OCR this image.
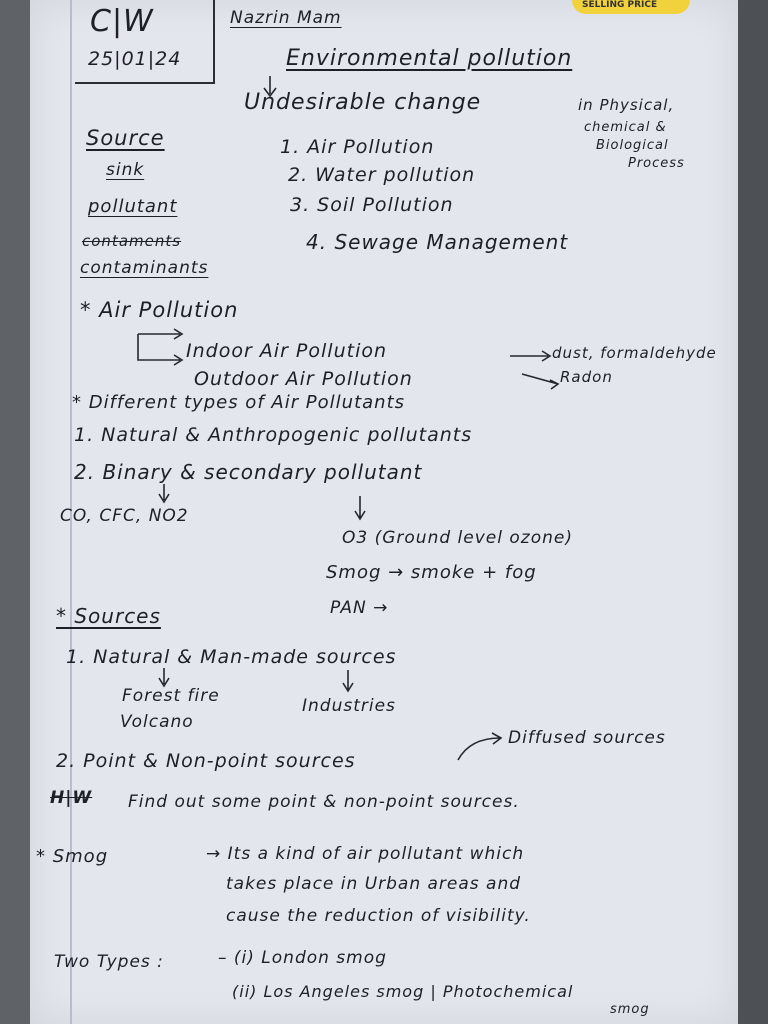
SELLING PRICE
C|W
25|01|24
Nazrin Mam
Environmental pollution
Undesirable change	in Physical,
chemical &
Biological
Process
Source
sink
pollutant
contaments
contaminants
1. Air Pollution
2. Water pollution
3. Soil Pollution
4. Sewage Management
* Air Pollution
Indoor Air Pollution	dust, formaldehyde
Outdoor Air Pollution	Radon
* Different types of Air Pollutants
1. Natural & Anthropogenic pollutants
2. Binary & secondary pollutant
CO, CFC, NO2
O3 (Ground level ozone)
Smog → smoke + fog
PAN →
* Sources
1. Natural & Man-made sources
Forest fire
Volcano
Industries
Diffused sources
2. Point & Non-point sources
H|W Find out some point & non-point sources.
* Smog	→ Its a kind of air pollutant which
takes place in Urban areas and
cause the reduction of visibility.
Two Types :	– (i) London smog
(ii) Los Angeles smog | Photochemical
smog
